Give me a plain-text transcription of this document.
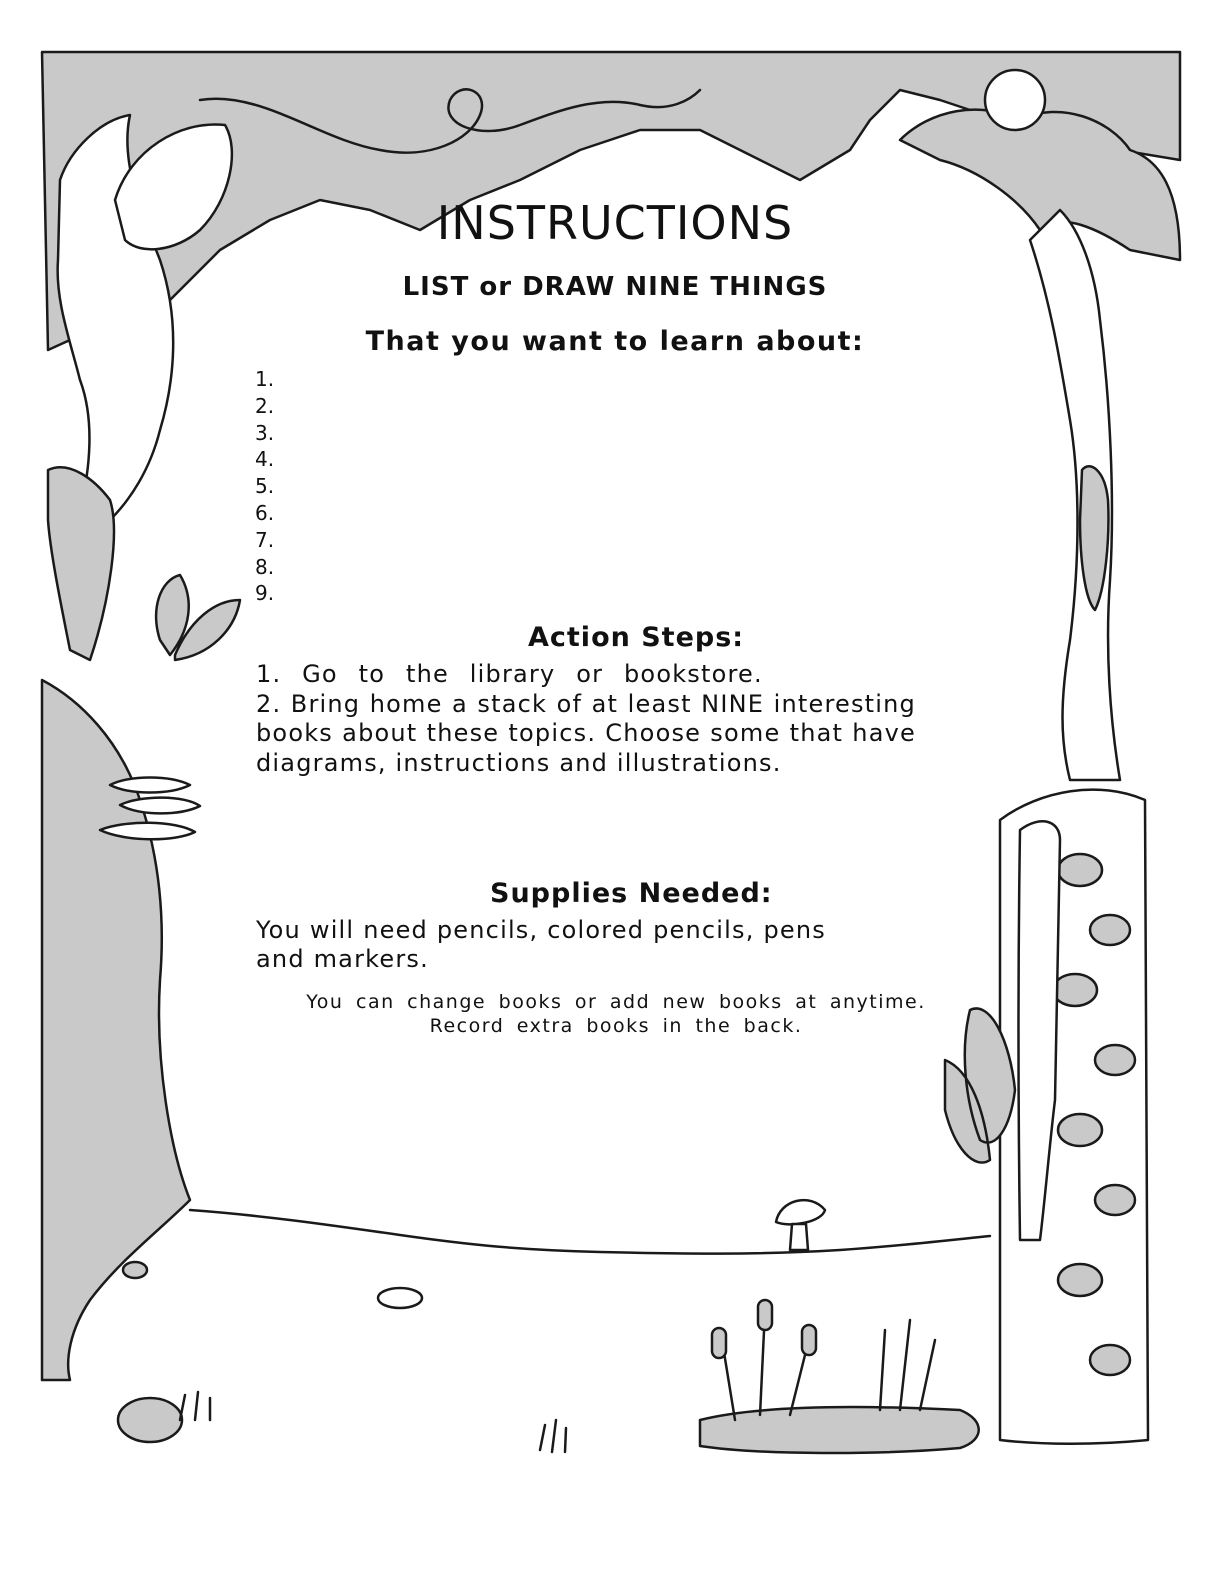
INSTRUCTIONS
LIST or DRAW NINE THINGS
That you want to learn about:
1.
2.
3.
4.
5.
6.
7.
8.
9.
Action Steps:
1. Go to the library or bookstore.
2. Bring home a stack of at least NINE interesting books about these topics. Choose some that have diagrams, instructions and illustrations.
Supplies Needed:
You will need pencils, colored pencils, pens and markers.
You can change books or add new books at anytime.
Record extra books in the back.
